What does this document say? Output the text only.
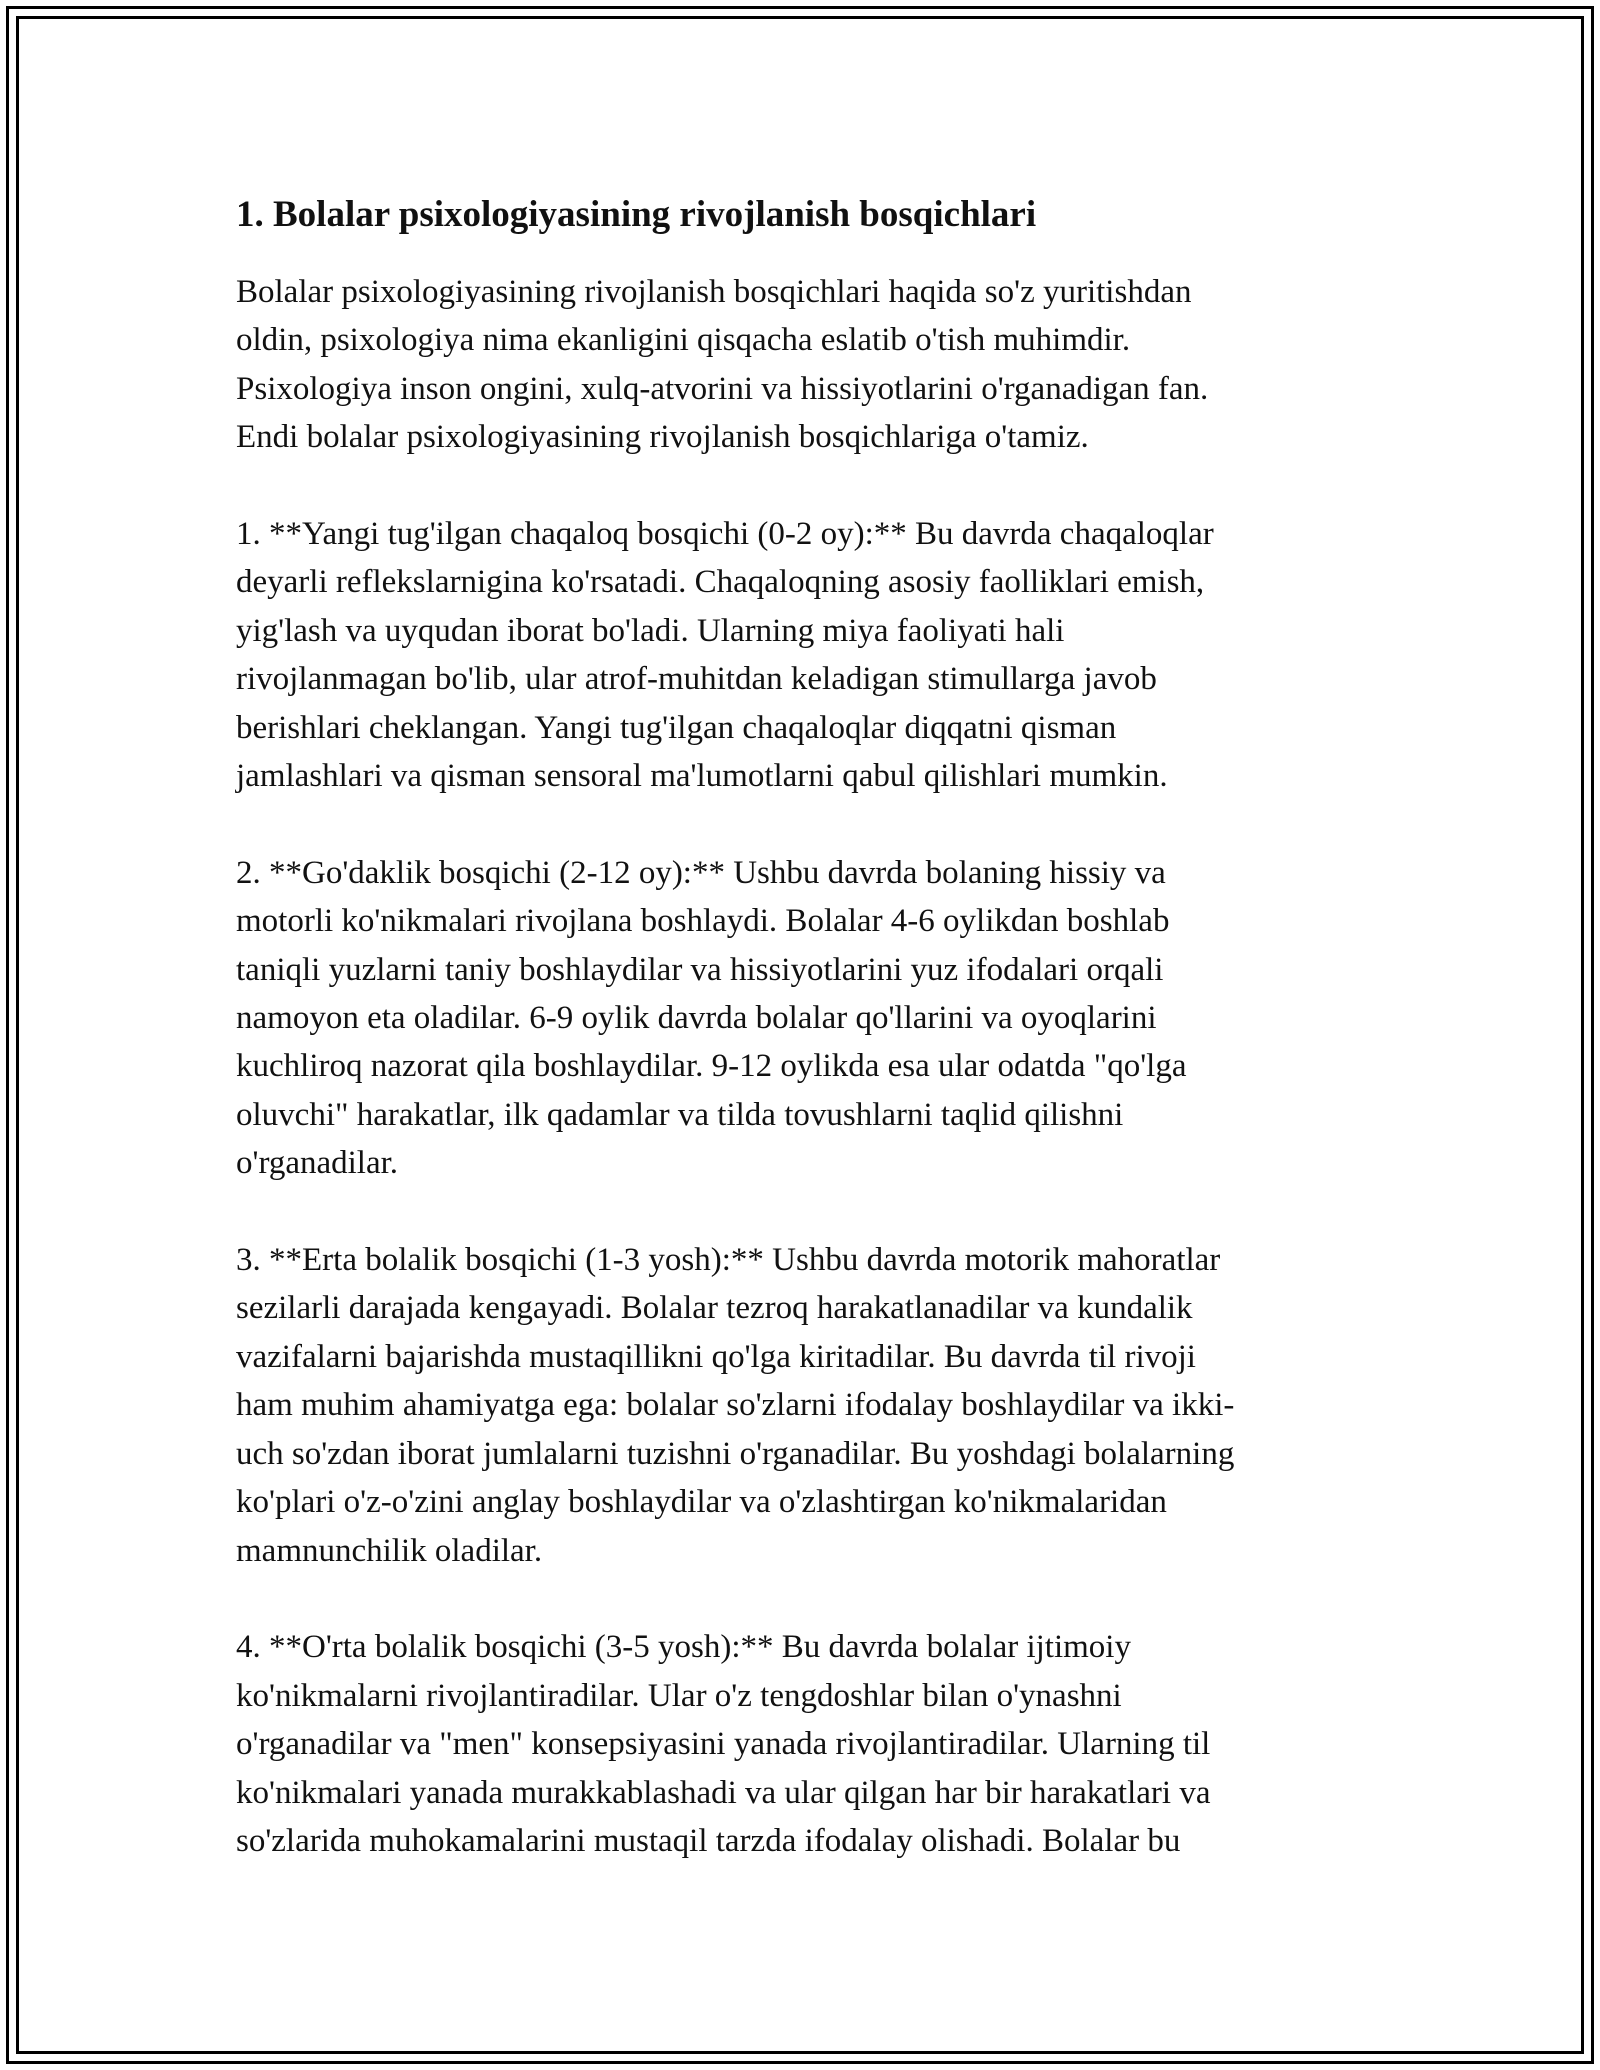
1. Bolalar psixologiyasining rivojlanish bosqichlari

Bolalar psixologiyasining rivojlanish bosqichlari haqida so'z yuritishdan
oldin, psixologiya nima ekanligini qisqacha eslatib o'tish muhimdir.
Psixologiya inson ongini, xulq-atvorini va hissiyotlarini o'rganadigan fan.
Endi bolalar psixologiyasining rivojlanish bosqichlariga o'tamiz.

1. **Yangi tug'ilgan chaqaloq bosqichi (0-2 oy):** Bu davrda chaqaloqlar
deyarli reflekslarnigina ko'rsatadi. Chaqaloqning asosiy faolliklari emish,
yig'lash va uyqudan iborat bo'ladi. Ularning miya faoliyati hali
rivojlanmagan bo'lib, ular atrof-muhitdan keladigan stimullarga javob
berishlari cheklangan. Yangi tug'ilgan chaqaloqlar diqqatni qisman
jamlashlari va qisman sensoral ma'lumotlarni qabul qilishlari mumkin.

2. **Go'daklik bosqichi (2-12 oy):** Ushbu davrda bolaning hissiy va
motorli ko'nikmalari rivojlana boshlaydi. Bolalar 4-6 oylikdan boshlab
taniqli yuzlarni taniy boshlaydilar va hissiyotlarini yuz ifodalari orqali
namoyon eta oladilar. 6-9 oylik davrda bolalar qo'llarini va oyoqlarini
kuchliroq nazorat qila boshlaydilar. 9-12 oylikda esa ular odatda "qo'lga
oluvchi" harakatlar, ilk qadamlar va tilda tovushlarni taqlid qilishni
o'rganadilar.

3. **Erta bolalik bosqichi (1-3 yosh):** Ushbu davrda motorik mahoratlar
sezilarli darajada kengayadi. Bolalar tezroq harakatlanadilar va kundalik
vazifalarni bajarishda mustaqillikni qo'lga kiritadilar. Bu davrda til rivoji
ham muhim ahamiyatga ega: bolalar so'zlarni ifodalay boshlaydilar va ikki-
uch so'zdan iborat jumlalarni tuzishni o'rganadilar. Bu yoshdagi bolalarning
ko'plari o'z-o'zini anglay boshlaydilar va o'zlashtirgan ko'nikmalaridan
mamnunchilik oladilar.

4. **O'rta bolalik bosqichi (3-5 yosh):** Bu davrda bolalar ijtimoiy
ko'nikmalarni rivojlantiradilar. Ular o'z tengdoshlar bilan o'ynashni
o'rganadilar va "men" konsepsiyasini yanada rivojlantiradilar. Ularning til
ko'nikmalari yanada murakkablashadi va ular qilgan har bir harakatlari va
so'zlarida muhokamalarini mustaqil tarzda ifodalay olishadi. Bolalar bu
